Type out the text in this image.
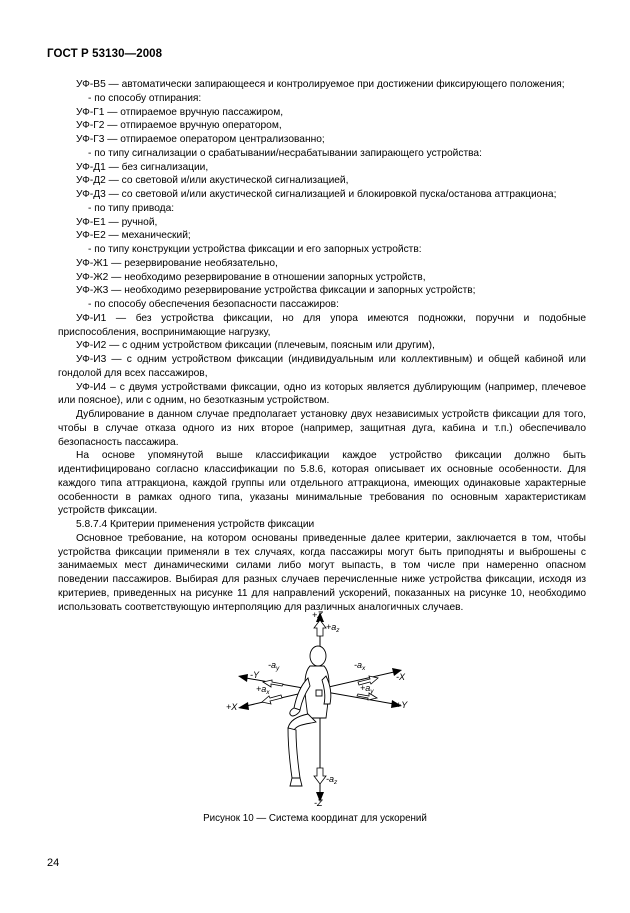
ГОСТ Р 53130—2008

УФ-В5 — автоматически запирающееся и контролируемое при достижении фиксирующего положения;

- по способу отпирания:

УФ-Г1 — отпираемое вручную пассажиром,

УФ-Г2 — отпираемое вручную оператором,

УФ-Г3 — отпираемое оператором централизованно;

- по типу сигнализации о срабатывании/несрабатывании запирающего устройства:

УФ-Д1 — без сигнализации,

УФ-Д2 — со световой и/или акустической сигнализацией,

УФ-Д3 — со световой и/или акустической сигнализацией и блокировкой пуска/останова аттракциона;

- по типу привода:

УФ-Е1 — ручной,

УФ-Е2 — механический;

- по типу конструкции устройства фиксации и его запорных устройств:

УФ-Ж1 — резервирование необязательно,

УФ-Ж2 — необходимо резервирование в отношении запорных устройств,

УФ-Ж3 — необходимо резервирование устройства фиксации и запорных устройств;

- по способу обеспечения безопасности пассажиров:

УФ-И1 — без устройства фиксации, но для упора имеются подножки, поручни и подобные приспособления, воспринимающие нагрузку,

УФ-И2 — с одним устройством фиксации (плечевым, поясным или другим),

УФ-И3 — с одним устройством фиксации (индивидуальным или коллективным) и общей кабиной или гондолой для всех пассажиров,

УФ-И4 – с двумя устройствами фиксации, одно из которых является дублирующим (например, плечевое или поясное), или с одним, но безотказным устройством.

Дублирование в данном случае предполагает установку двух независимых устройств фиксации для того, чтобы в случае отказа одного из них второе (например, защитная дуга, кабина и т.п.) обеспечивало безопасность пассажира.

На основе упомянутой выше классификации каждое устройство фиксации должно быть идентифицировано согласно классификации по 5.8.6, которая описывает их основные особенности. Для каждого типа аттракциона, каждой группы или отдельного аттракциона, имеющих одинаковые характерные особенности в рамках одного типа, указаны минимальные требования по основным характеристикам устройств фиксации.

5.8.7.4 Критерии применения устройств фиксации

Основное требование, на котором основаны приведенные далее критерии, заключается в том, чтобы устройства фиксации применяли в тех случаях, когда пассажиры могут быть приподняты и выброшены с занимаемых мест динамическими силами либо могут выпасть, в том числе при намеренно опасном поведении пассажиров. Выбирая для разных случаев перечисленные ниже устройства фиксации, исходя из критериев, приведенных на рисунке 11 для направлений ускорений, показанных на рисунке 10, необходимо использовать соответствующую интерполяцию для различных аналогичных случаев.

+Z
$+a_z$
$-a_x$
-X
$+a_y$
+Y
-Y
$-a_y$
$+a_x$
+X
$-a_z$
-Z
Рисунок 10 — Система координат для ускорений
24
